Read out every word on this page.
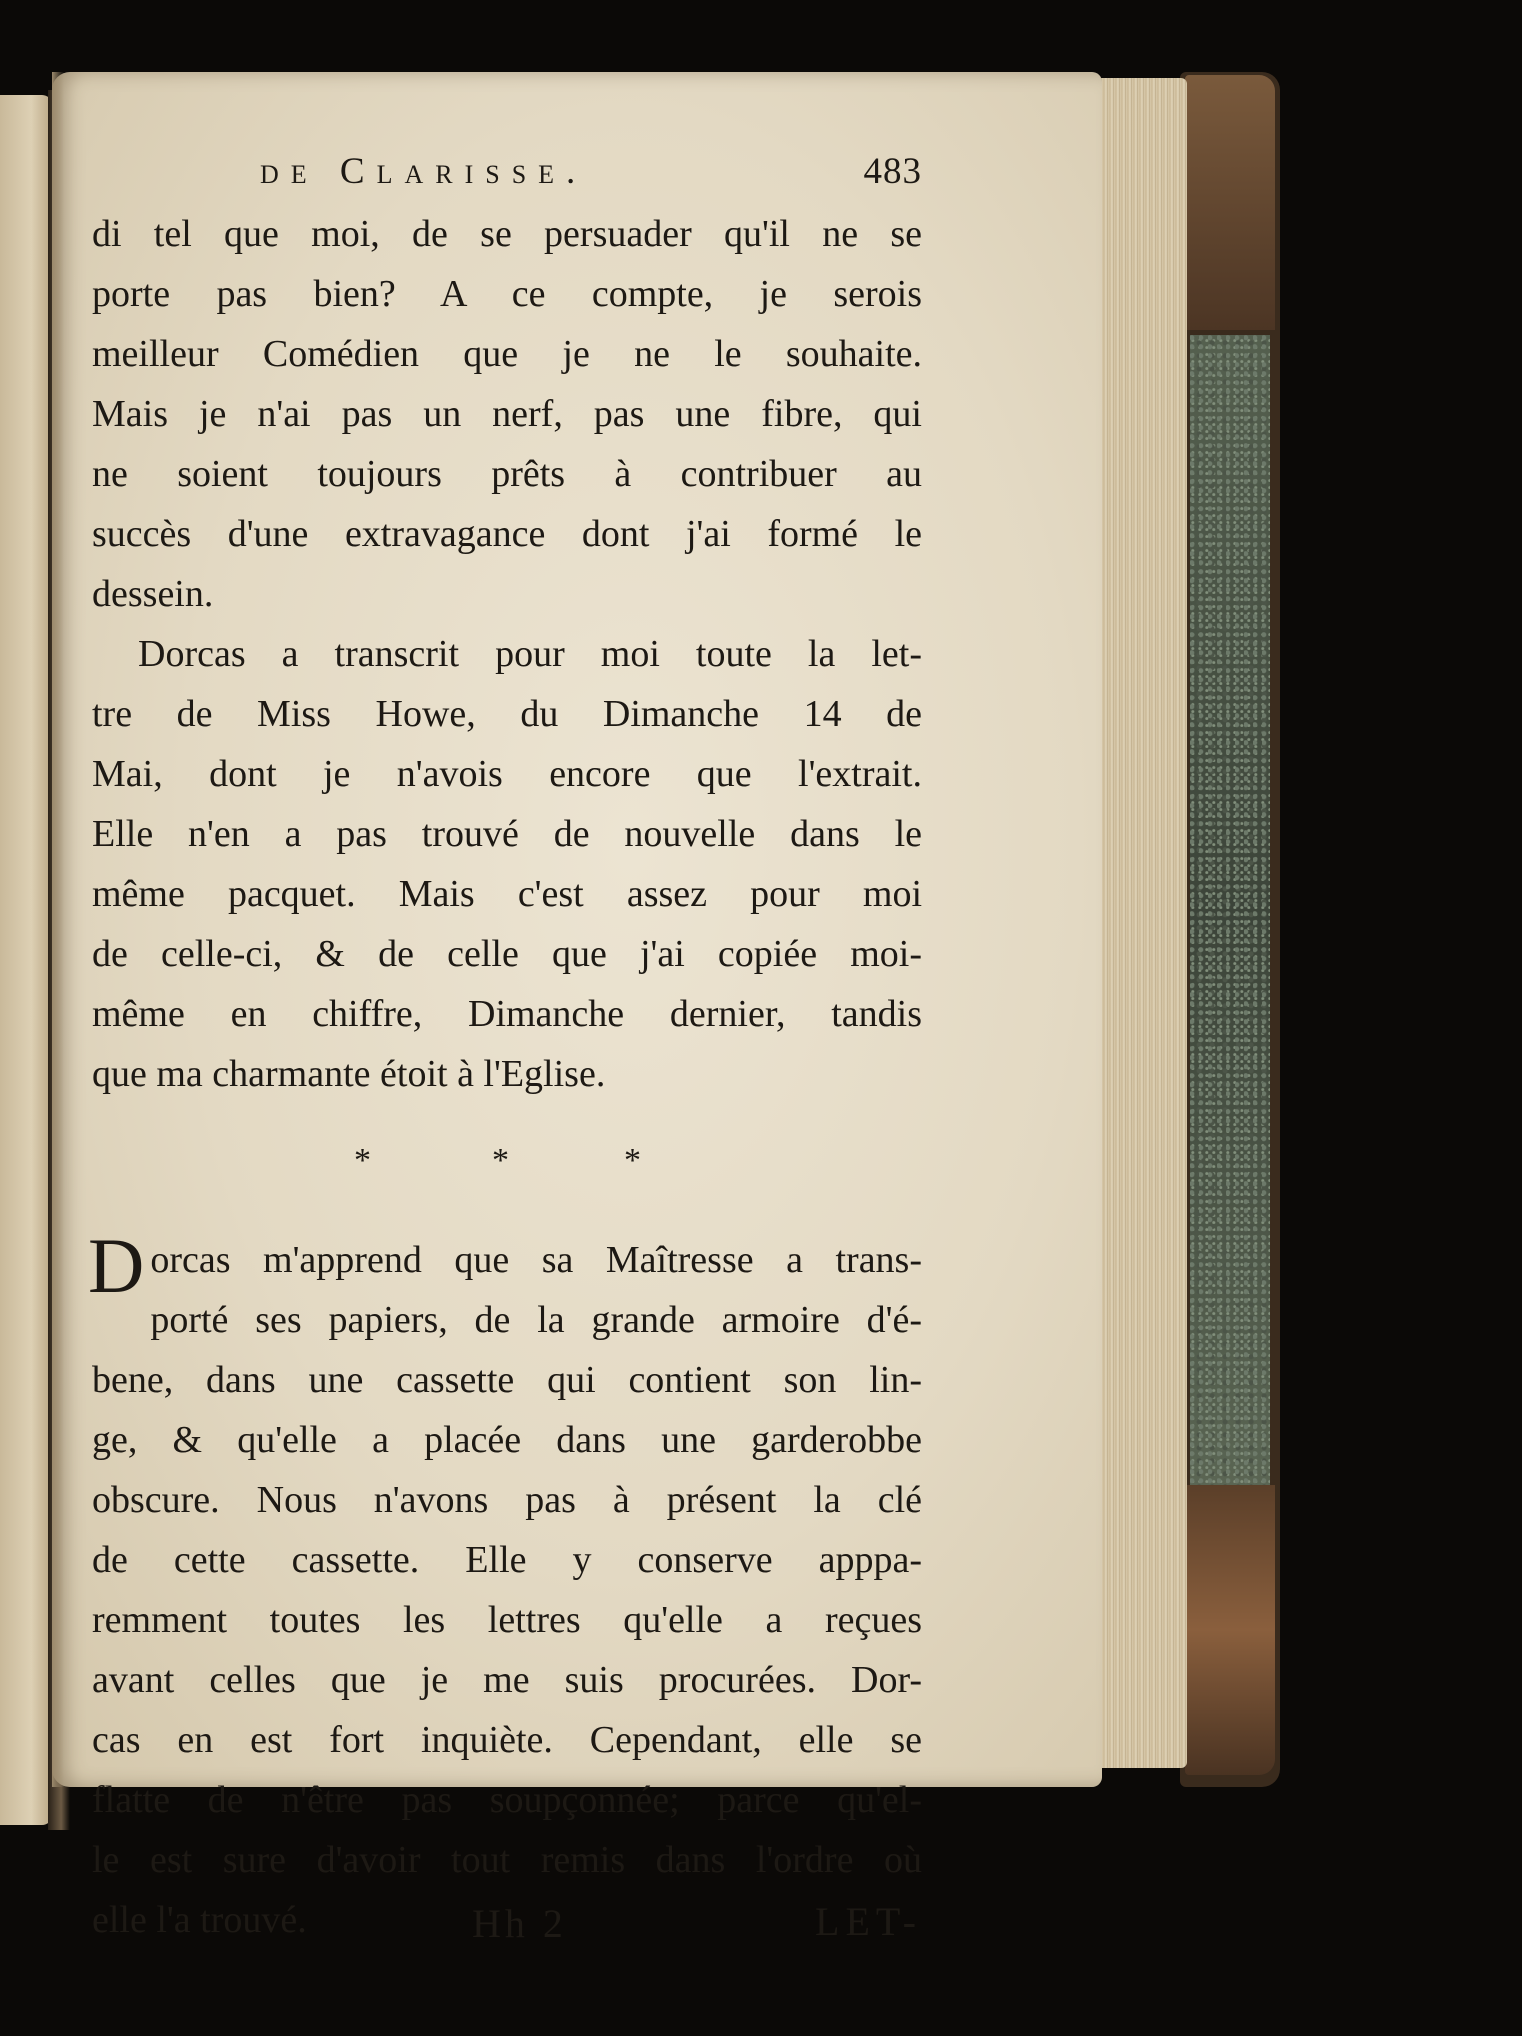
de Clarisse.	483
di tel que moi, de se persuader qu'il ne se
porte pas bien? A ce compte, je serois
meilleur Comédien que je ne le souhaite.
Mais je n'ai pas un nerf, pas une fibre, qui
ne soient toujours prêts à contribuer au
succès d'une extravagance dont j'ai formé le
dessein.
Dorcas a transcrit pour moi toute la let-
tre de Miss Howe, du Dimanche 14 de
Mai, dont je n'avois encore que l'extrait.
Elle n'en a pas trouvé de nouvelle dans le
même pacquet. Mais c'est assez pour moi
de celle-ci, & de celle que j'ai copiée moi-
même en chiffre, Dimanche dernier, tandis
que ma charmante étoit à l'Eglise.
*	*	*
D orcas m'apprend que sa Maîtresse a trans-
porté ses papiers, de la grande armoire d'é-
bene, dans une cassette qui contient son lin-
ge, & qu'elle a placée dans une garderobbe
obscure. Nous n'avons pas à présent la clé
de cette cassette. Elle y conserve apppa-
remment toutes les lettres qu'elle a reçues
avant celles que je me suis procurées. Dor-
cas en est fort inquiète. Cependant, elle se
flatte de n'être pas soupçonnée; parce qu'el-
le est sure d'avoir tout remis dans l'ordre où
elle l'a trouvé.	Hh 2	LET-
